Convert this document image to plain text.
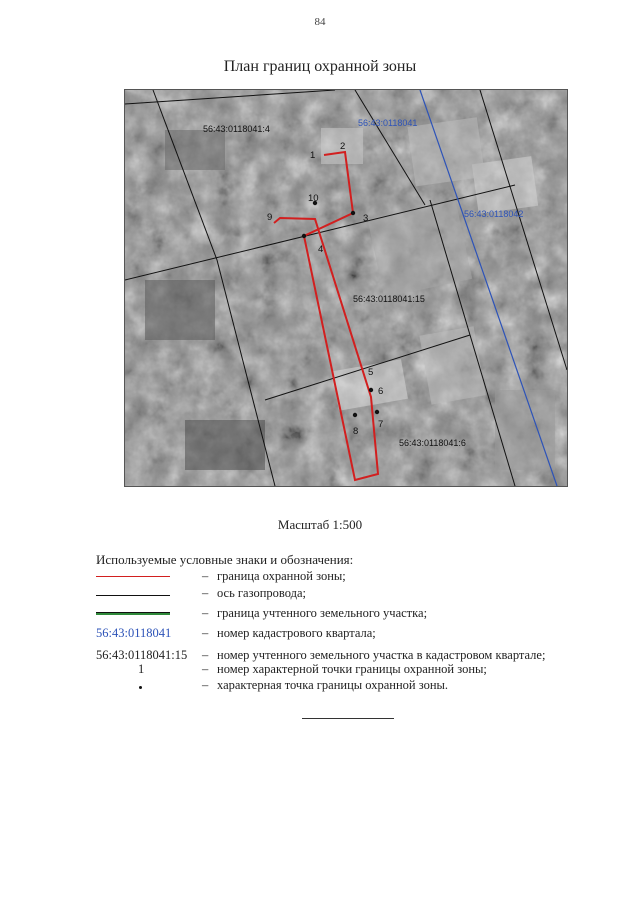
84
План границ охранной зоны
56:43:0118041:4
56:43:0118041:15
56:43:0118041:6
56:43:0118041
56:43:0118042
1
2
3
4
5
6
7
8
9
10
Масштаб 1:500
Используемые условные знаки и обозначения:
– граница охранной зоны;
– ось газопровода;
– граница учтенного земельного участка;
56:43:0118041	– номер кадастрового квартала;
56:43:0118041:15	– номер учтенного земельного участка в кадастровом квартале;
1	– номер характерной точки границы охранной зоны;
– характерная точка границы охранной зоны.
